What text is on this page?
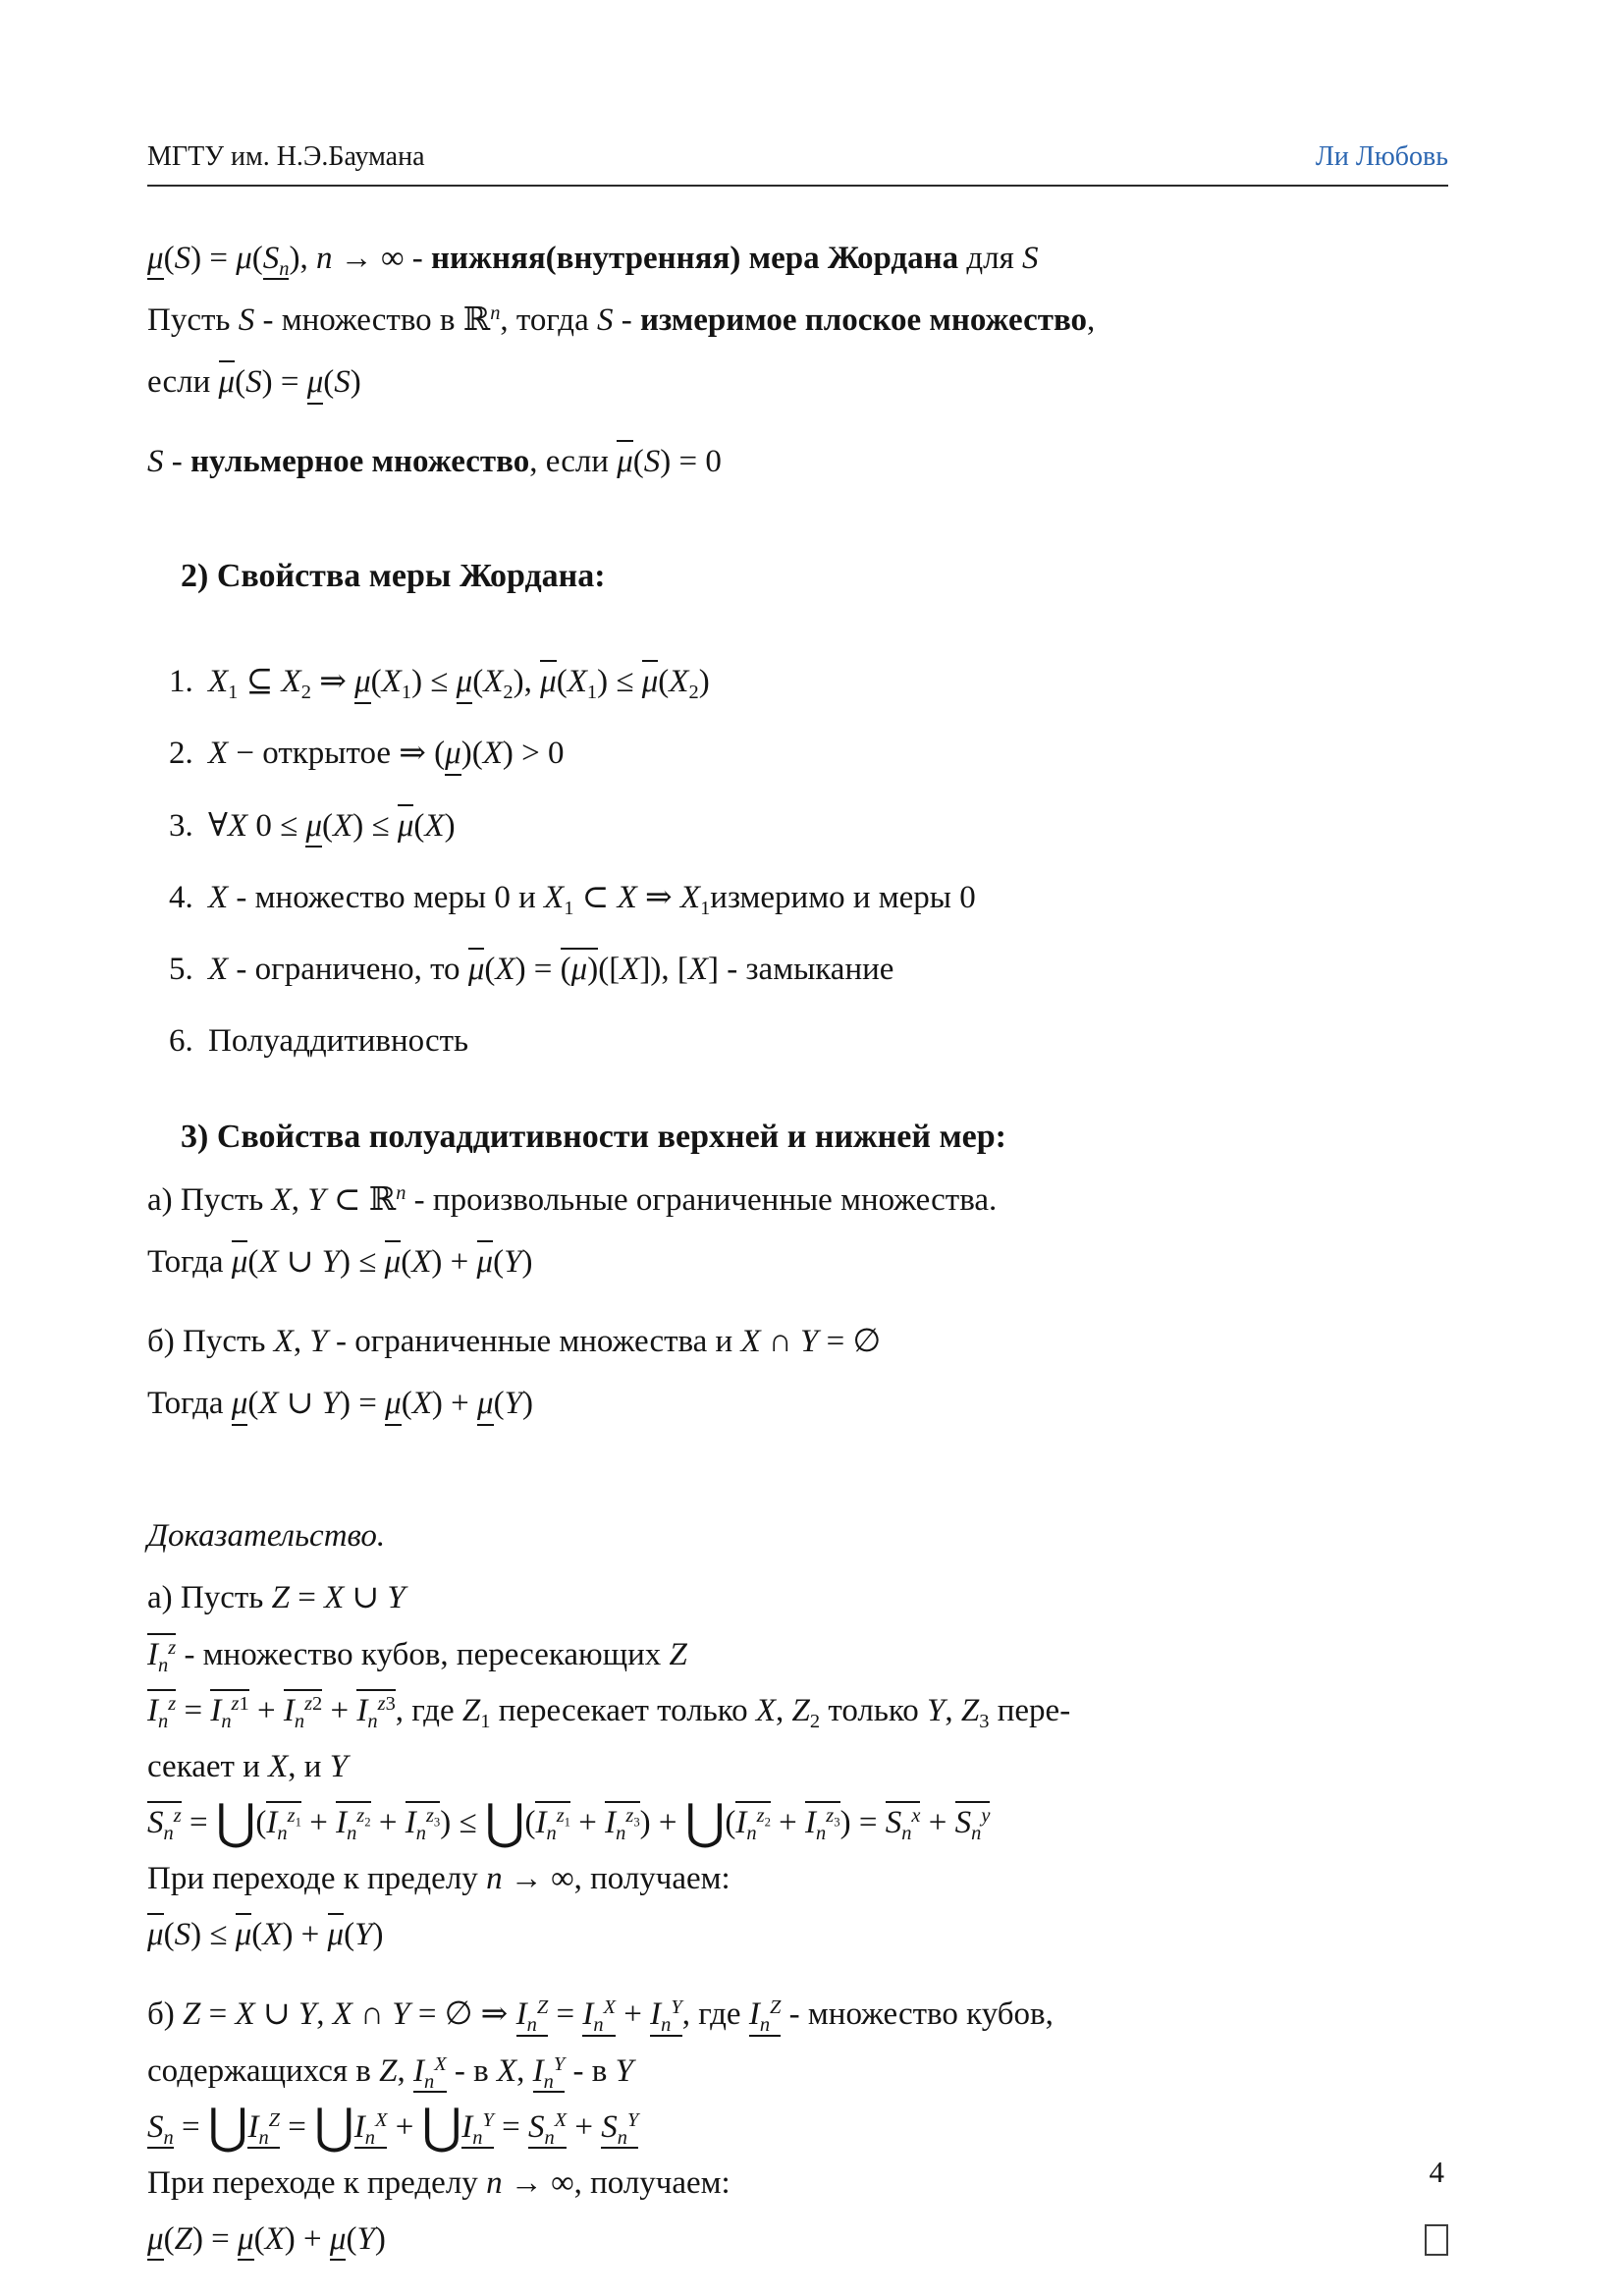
МГТУ им. Н.Э.Баумана	Ли Любовь
$\mu(S) = \mu(S_n)$, n → ∞ - нижняя(внутренняя) мера Жордана для S
Пусть S - множество в ℝ$^n$, тогда S - измеримое плоское множество,
если μ(S) = μ(S)
S - нульмерное множество, если μ(S) = 0
2) Свойства меры Жордана:
1. $X_1$ ⊆ $X_2$ ⇒ $\mu(X_1) \le \mu(X_2)$, $\mu(X_1) \le \mu(X_2)$
2. X − открытое ⇒ (μ)(X) > 0
3. ∀X 0 ≤ μ(X) ≤ μ(X)
4. X - множество меры 0 и $X_1$ ⊂ X ⇒ $X_1измеримо$ и меры 0
5. X - ограничено, то μ(X) = (μ)([X]), [X] - замыкание
6. Полуаддитивность
3) Свойства полуаддитивности верхней и нижней мер:
а) Пусть X, Y ⊂ ℝ$^n$ - произвольные ограниченные множества.
Тогда μ(X ∪ Y) ≤ μ(X) + μ(Y)
б) Пусть X, Y - ограниченные множества и X ∩ Y = ∅
Тогда μ(X ∪ Y) = μ(X) + μ(Y)
Доказательство.
а) Пусть Z = X ∪ Y
$I_n^z$ - множество кубов, пересекающих Z
$I_n^z = I_n^{z1} + I_n^{z2} + I_n^{z3}$, где $Z_1$ пересекает только X, $Z_2$ только Y, $Z_3$ пере-
секает и X, и Y
$S_n^z$ = $⋃(I_n^{z_1} + I_n^{z_2} + I_n^{z_3})$ ≤ $⋃(I_n^{z_1} + I_n^{z_3})$ + $⋃(I_n^{z_2} + I_n^{z_3}) = S_n^x + S_n^y$
При переходе к пределу n → ∞, получаем:
μ(S) ≤ μ(X) + μ(Y)
б) Z = X ∪ Y, X ∩ Y = ∅ ⇒ $I_n^Z = I_n^X + I_n^Y$, где $I_n^Z$ - множество кубов,
содержащихся в Z, $I_n^X$ - в X, $I_n^Y$ - в Y
$S_n$ = $⋃I_n^Z$ = $⋃I_n^X$ + $⋃I_n^Y = S_n^X + S_n^Y$
При переходе к пределу n → ∞, получаем:
μ(Z) = μ(X) + μ(Y)
4
